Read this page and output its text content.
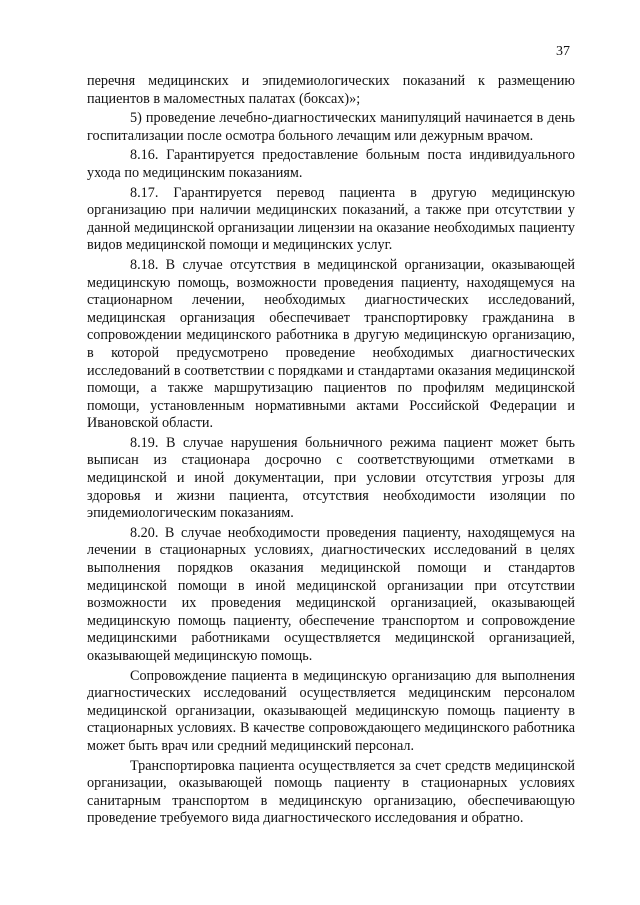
37

перечня медицинских и эпидемиологических показаний к размещению пациентов в маломестных палатах (боксах)»;

5) проведение лечебно-диагностических манипуляций начинается в день госпитализации после осмотра больного лечащим или дежурным врачом.

8.16. Гарантируется предоставление больным поста индивидуального ухода по медицинским показаниям.

8.17. Гарантируется перевод пациента в другую медицинскую организацию при наличии медицинских показаний, а также при отсутствии у данной медицинской организации лицензии на оказание необходимых пациенту видов медицинской помощи и медицинских услуг.

8.18. В случае отсутствия в медицинской организации, оказывающей медицинскую помощь, возможности проведения пациенту, находящемуся на стационарном лечении, необходимых диагностических исследований, медицинская организация обеспечивает транспортировку гражданина в сопровождении медицинского работника в другую медицинскую организацию, в которой предусмотрено проведение необходимых диагностических исследований в соответствии с порядками и стандартами оказания медицинской помощи, а также маршрутизацию пациентов по профилям медицинской помощи, установленным нормативными актами Российской Федерации и Ивановской области.

8.19. В случае нарушения больничного режима пациент может быть выписан из стационара досрочно с соответствующими отметками в медицинской и иной документации, при условии отсутствия угрозы для здоровья и жизни пациента, отсутствия необходимости изоляции по эпидемиологическим показаниям.

8.20. В случае необходимости проведения пациенту, находящемуся на лечении в стационарных условиях, диагностических исследований в целях выполнения порядков оказания медицинской помощи и стандартов медицинской помощи в иной медицинской организации при отсутствии возможности их проведения медицинской организацией, оказывающей медицинскую помощь пациенту, обеспечение транспортом и сопровождение медицинскими работниками осуществляется медицинской организацией, оказывающей медицинскую помощь.

Сопровождение пациента в медицинскую организацию для выполнения диагностических исследований осуществляется медицинским персоналом медицинской организации, оказывающей медицинскую помощь пациенту в стационарных условиях. В качестве сопровождающего медицинского работника может быть врач или средний медицинский персонал.

Транспортировка пациента осуществляется за счет средств медицинской организации, оказывающей помощь пациенту в стационарных условиях санитарным транспортом в медицинскую организацию, обеспечивающую проведение требуемого вида диагностического исследования и обратно.
